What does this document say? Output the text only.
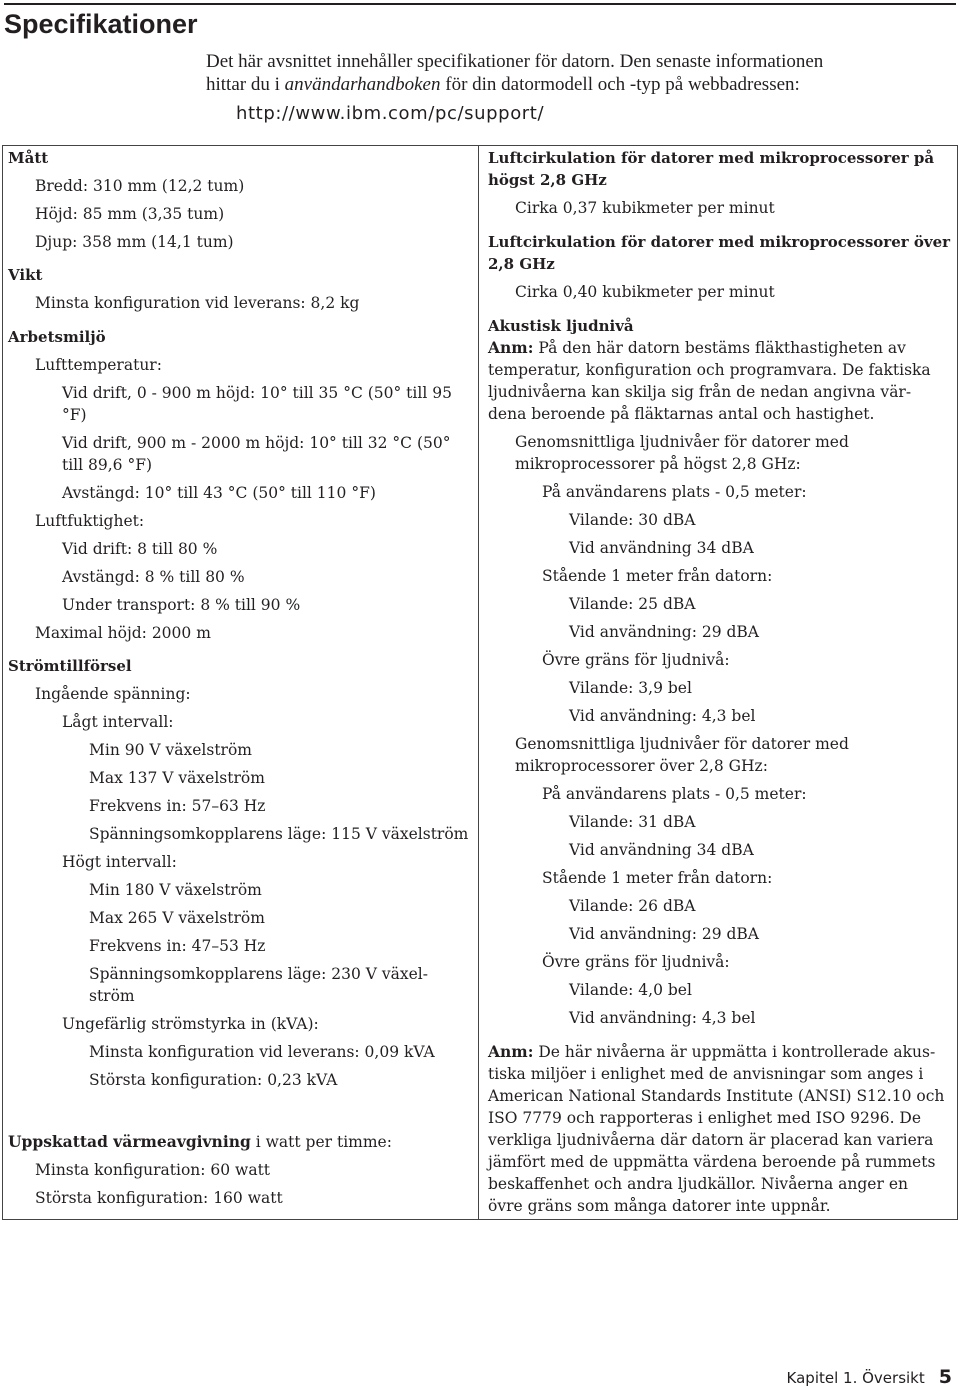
Specifikationer
Det här avsnittet innehåller specifikationer för datorn. Den senaste informationen
hittar du i användarhandboken för din datormodell och -typ på webbadressen:
http://www.ibm.com/pc/support/
Mått
Bredd: 310 mm (12,2 tum)
Höjd: 85 mm (3,35 tum)
Djup: 358 mm (14,1 tum)
Vikt
Minsta konfiguration vid leverans: 8,2 kg
Arbetsmiljö
Lufttemperatur:
Vid drift, 0 - 900 m höjd: 10° till 35 °C (50° till 95
°F)
Vid drift, 900 m - 2000 m höjd: 10° till 32 °C (50°
till 89,6 °F)
Avstängd: 10° till 43 °C (50° till 110 °F)
Luftfuktighet:
Vid drift: 8 till 80 %
Avstängd: 8 % till 80 %
Under transport: 8 % till 90 %
Maximal höjd: 2000 m
Strömtillförsel
Ingående spänning:
Lågt intervall:
Min 90 V växelström
Max 137 V växelström
Frekvens in: 57–63 Hz
Spänningsomkopplarens läge: 115 V växelström
Högt intervall:
Min 180 V växelström
Max 265 V växelström
Frekvens in: 47–53 Hz
Spänningsomkopplarens läge: 230 V växel-
ström
Ungefärlig strömstyrka in (kVA):
Minsta konfiguration vid leverans: 0,09 kVA
Största konfiguration: 0,23 kVA
Uppskattad värmeavgivning i watt per timme:
Minsta konfiguration: 60 watt
Största konfiguration: 160 watt
Luftcirkulation för datorer med mikroprocessorer på
högst 2,8 GHz
Cirka 0,37 kubikmeter per minut
Luftcirkulation för datorer med mikroprocessorer över
2,8 GHz
Cirka 0,40 kubikmeter per minut
Akustisk ljudnivå
Anm: På den här datorn bestäms fläkthastigheten av
temperatur, konfiguration och programvara. De faktiska
ljudnivåerna kan skilja sig från de nedan angivna vär-
dena beroende på fläktarnas antal och hastighet.
Genomsnittliga ljudnivåer för datorer med
mikroprocessorer på högst 2,8 GHz:
På användarens plats - 0,5 meter:
Vilande: 30 dBA
Vid användning 34 dBA
Stående 1 meter från datorn:
Vilande: 25 dBA
Vid användning: 29 dBA
Övre gräns för ljudnivå:
Vilande: 3,9 bel
Vid användning: 4,3 bel
Genomsnittliga ljudnivåer för datorer med
mikroprocessorer över 2,8 GHz:
På användarens plats - 0,5 meter:
Vilande: 31 dBA
Vid användning 34 dBA
Stående 1 meter från datorn:
Vilande: 26 dBA
Vid användning: 29 dBA
Övre gräns för ljudnivå:
Vilande: 4,0 bel
Vid användning: 4,3 bel
Anm: De här nivåerna är uppmätta i kontrollerade akus-
tiska miljöer i enlighet med de anvisningar som anges i
American National Standards Institute (ANSI) S12.10 och
ISO 7779 och rapporteras i enlighet med ISO 9296. De
verkliga ljudnivåerna där datorn är placerad kan variera
jämfört med de uppmätta värdena beroende på rummets
beskaffenhet och andra ljudkällor. Nivåerna anger en
övre gräns som många datorer inte uppnår.
Kapitel 1. Översikt 5
